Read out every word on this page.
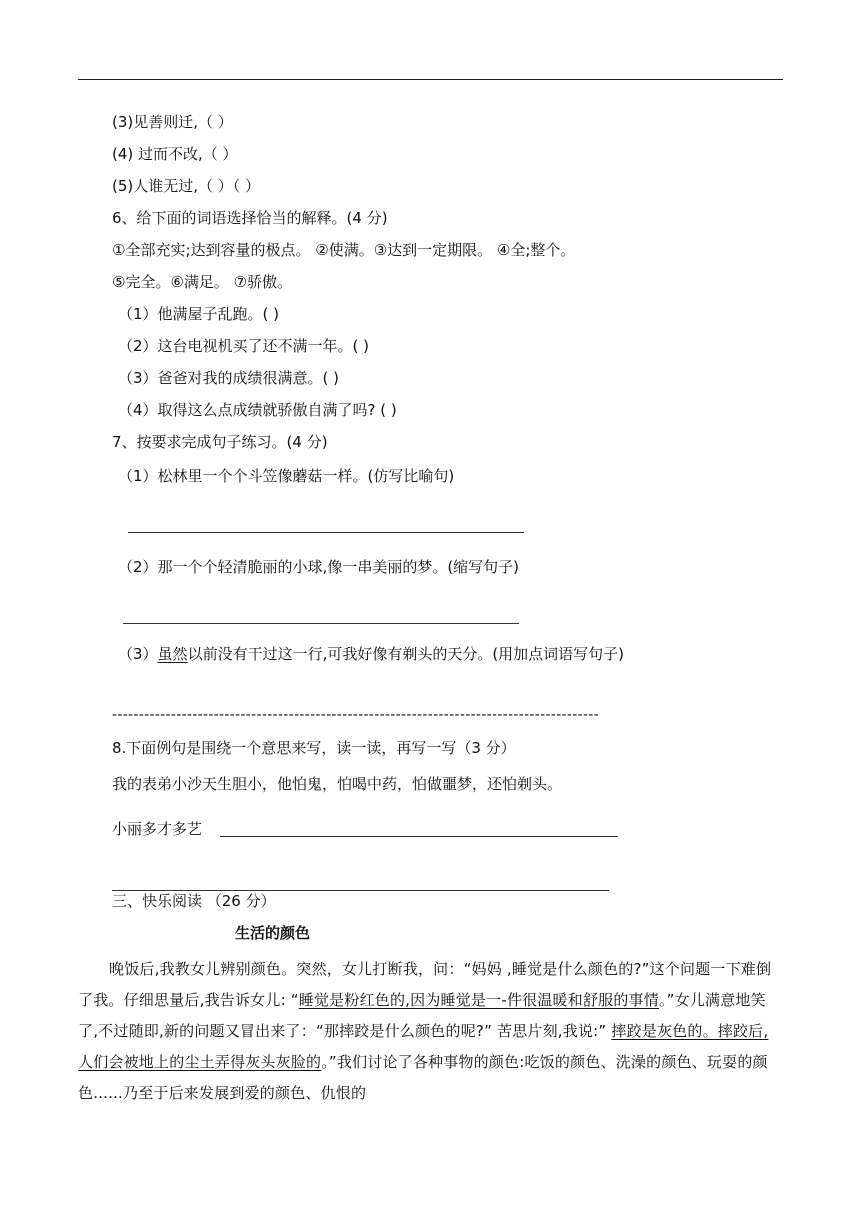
(3)见善则迁,（ ）
(4) 过而不改,（ ）
(5)人谁无过,（ ）（ ）
6、给下面的词语选择恰当的解释。(4 分)
①全部充实;达到容量的极点。 ②使满。③达到一定期限。 ④全;整个。
⑤完全。⑥满足。 ⑦骄傲。
（1）他满屋子乱跑。( )
（2）这台电视机买了还不满一年。( )
（3）爸爸对我的成绩很满意。( )
（4）取得这么点成绩就骄傲自满了吗? ( )
7、按要求完成句子练习。(4 分)
（1）松林里一个个斗笠像蘑菇一样。(仿写比喻句)
（2）那一个个轻清脆丽的小球,像一串美丽的梦。(缩写句子)
（3）虽然以前没有干过这一行,可我好像有剃头的天分。(用加点词语写句子)
-------------------------------------------------------------------------------------------
8.下面例句是围绕一个意思来写，读一读，再写一写（3 分）
我的表弟小沙天生胆小，他怕鬼，怕喝中药，怕做噩梦，还怕剃头。
小丽多才多艺
三、快乐阅读 （26 分）
生活的颜色
晚饭后,我教女儿辨别颜色。突然，女儿打断我，问：“妈妈 ,睡觉是什么颜色的?”这个问题一下难倒了我。仔细思量后,我告诉女儿: “睡觉是粉红色的,因为睡觉是一-件很温暖和舒服的事情。”女儿满意地笑了,不过随即,新的问题又冒出来了：“那摔跤是什么颜色的呢?” 苦思片刻,我说:” 摔跤是灰色的。摔跤后,人们会被地上的尘土弄得灰头灰脸的。”我们讨论了各种事物的颜色:吃饭的颜色、洗澡的颜色、玩耍的颜色......乃至于后来发展到爱的颜色、仇恨的
